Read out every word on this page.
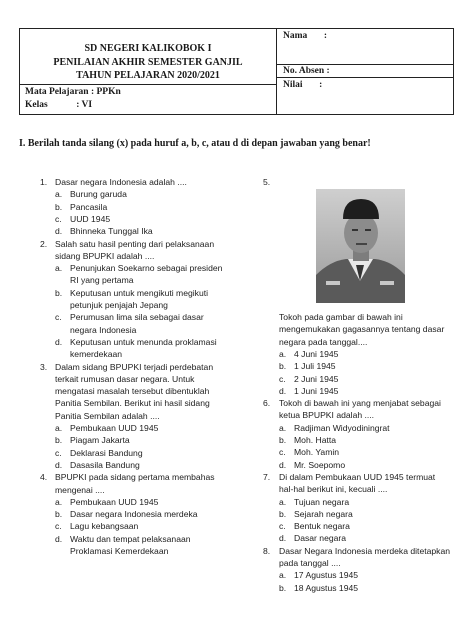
SD NEGERI KALIKOBOK I
PENILAIAN AKHIR SEMESTER GANJIL
TAHUN PELAJARAN 2020/2021
Mata Pelajaran : PPKn
Kelas            : VI
Nama       :
No. Absen :
Nilai       :
I. Berilah tanda silang (x) pada huruf a, b, c, atau d di depan jawaban yang benar!
1. Dasar negara Indonesia adalah ....
a. Burung garuda
b. Pancasila
c. UUD 1945
d. Bhinneka Tunggal Ika
2. Salah satu hasil penting dari pelaksanaan
sidang BPUPKI adalah ....
a. Penunjukan Soekarno sebagai presiden
RI yang pertama
b. Keputusan untuk mengikuti megikuti
petunjuk penjajah Jepang
c. Perumusan lima sila sebagai dasar
negara Indonesia
d. Keputusan untuk menunda proklamasi
kemerdekaan
3. Dalam sidang BPUPKI terjadi perdebatan
terkait rumusan dasar negara. Untuk
mengatasi masalah tersebut dibentuklah
Panitia Sembilan. Berikut ini hasil sidang
Panitia Sembilan adalah ....
a. Pembukaan UUD 1945
b. Piagam Jakarta
c. Deklarasi Bandung
d. Dasasila Bandung
4. BPUPKI pada sidang pertama membahas
mengenai ....
a. Pembukaan UUD 1945
b. Dasar negara Indonesia merdeka
c. Lagu kebangsaan
d. Waktu dan tempat pelaksanaan
Proklamasi Kemerdekaan
5.
Tokoh pada gambar di bawah ini
mengemukakan gagasannya tentang dasar
negara pada tanggal....
a. 4 Juni 1945
b. 1 Juli 1945
c. 2 Juni 1945
d. 1 Juni 1945
6. Tokoh di bawah ini yang menjabat sebagai
ketua BPUPKI adalah ....
a. Radjiman Widyodiningrat
b. Moh. Hatta
c. Moh. Yamin
d. Mr. Soepomo
7. Di dalam Pembukaan UUD 1945 termuat
hal-hal berikut ini, kecuali ....
a. Tujuan negara
b. Sejarah negara
c. Bentuk negara
d. Dasar negara
8. Dasar Negara Indonesia merdeka ditetapkan
pada tanggal ....
a. 17 Agustus 1945
b. 18 Agustus 1945
